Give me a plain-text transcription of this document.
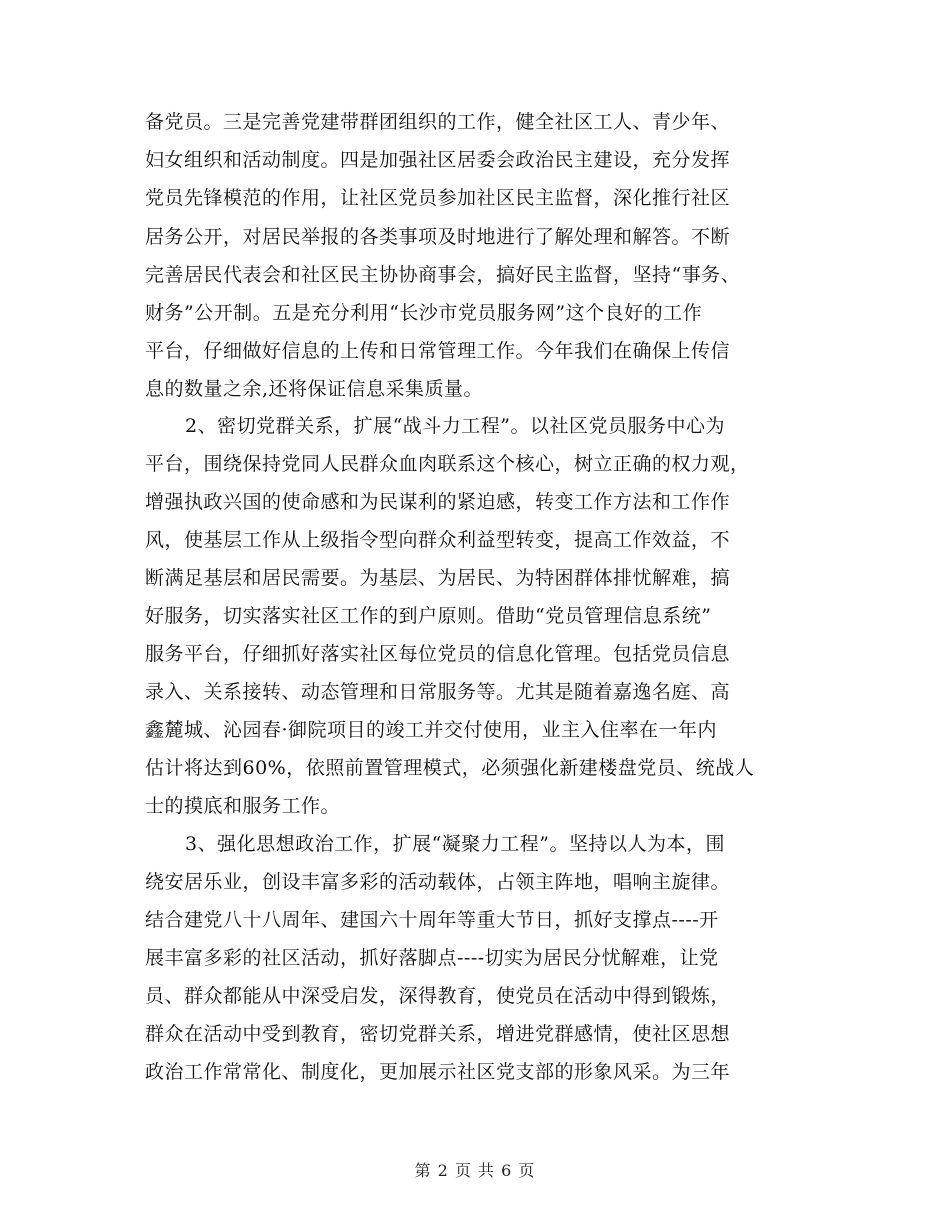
备党员。三是完善党建带群团组织的工作，健全社区工人、青少年、
妇女组织和活动制度。四是加强社区居委会政治民主建设，充分发挥
党员先锋模范的作用，让社区党员参加社区民主监督，深化推行社区
居务公开，对居民举报的各类事项及时地进行了解处理和解答。不断
完善居民代表会和社区民主协协商事会，搞好民主监督，坚持“事务、
财务”公开制。五是充分利用“长沙市党员服务网”这个良好的工作
平台，仔细做好信息的上传和日常管理工作。今年我们在确保上传信
息的数量之余,还将保证信息采集质量。
2、密切党群关系，扩展“战斗力工程”。以社区党员服务中心为
平台，围绕保持党同人民群众血肉联系这个核心，树立正确的权力观，
增强执政兴国的使命感和为民谋利的紧迫感，转变工作方法和工作作
风，使基层工作从上级指令型向群众利益型转变，提高工作效益，不
断满足基层和居民需要。为基层、为居民、为特困群体排忧解难，搞
好服务，切实落实社区工作的到户原则。借助“党员管理信息系统”
服务平台，仔细抓好落实社区每位党员的信息化管理。包括党员信息
录入、关系接转、动态管理和日常服务等。尤其是随着嘉逸名庭、高
鑫麓城、沁园春·御院项目的竣工并交付使用，业主入住率在一年内
估计将达到60%，依照前置管理模式，必须强化新建楼盘党员、统战人
士的摸底和服务工作。
3、强化思想政治工作，扩展“凝聚力工程”。坚持以人为本，围
绕安居乐业，创设丰富多彩的活动载体，占领主阵地，唱响主旋律。
结合建党八十八周年、建国六十周年等重大节日，抓好支撑点----开
展丰富多彩的社区活动，抓好落脚点----切实为居民分忧解难，让党
员、群众都能从中深受启发，深得教育，使党员在活动中得到锻炼，
群众在活动中受到教育，密切党群关系，增进党群感情，使社区思想
政治工作常常化、制度化，更加展示社区党支部的形象风采。为三年
第 2 页 共 6 页
